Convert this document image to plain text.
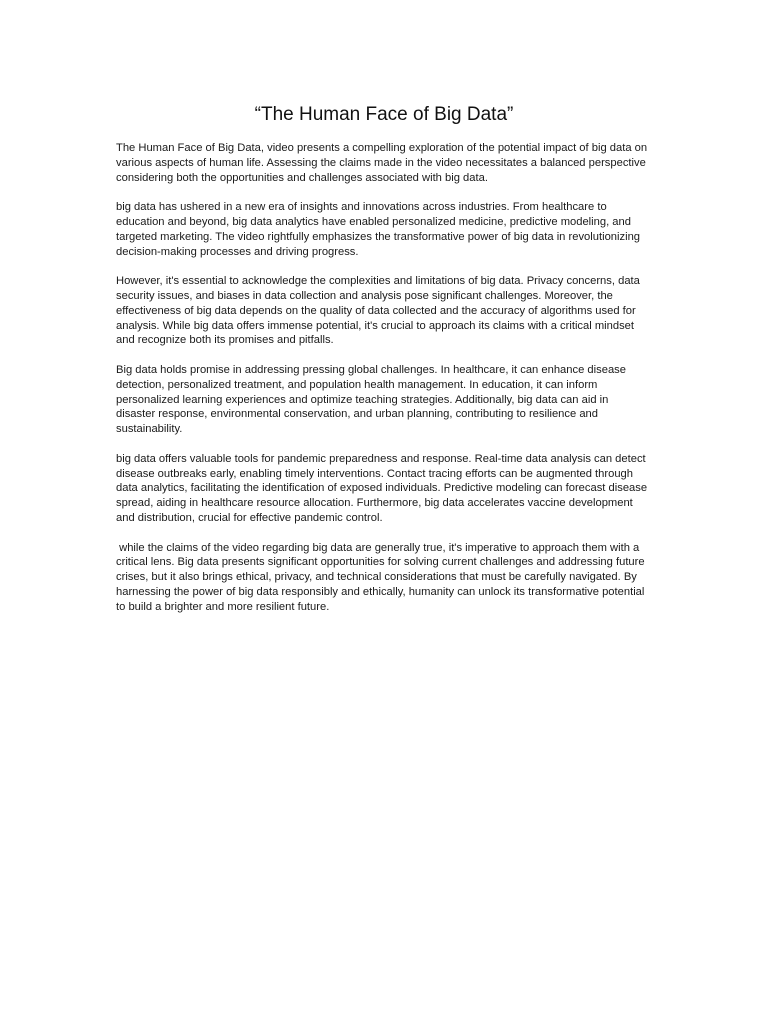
“The Human Face of Big Data”

The Human Face of Big Data, video presents a compelling exploration of the potential impact of big data on various aspects of human life. Assessing the claims made in the video necessitates a balanced perspective considering both the opportunities and challenges associated with big data.

big data has ushered in a new era of insights and innovations across industries. From healthcare to education and beyond, big data analytics have enabled personalized medicine, predictive modeling, and targeted marketing. The video rightfully emphasizes the transformative power of big data in revolutionizing decision-making processes and driving progress.

However, it's essential to acknowledge the complexities and limitations of big data. Privacy concerns, data security issues, and biases in data collection and analysis pose significant challenges. Moreover, the effectiveness of big data depends on the quality of data collected and the accuracy of algorithms used for analysis. While big data offers immense potential, it's crucial to approach its claims with a critical mindset and recognize both its promises and pitfalls.

Big data holds promise in addressing pressing global challenges. In healthcare, it can enhance disease detection, personalized treatment, and population health management. In education, it can inform personalized learning experiences and optimize teaching strategies. Additionally, big data can aid in disaster response, environmental conservation, and urban planning, contributing to resilience and sustainability.

big data offers valuable tools for pandemic preparedness and response. Real-time data analysis can detect disease outbreaks early, enabling timely interventions. Contact tracing efforts can be augmented through data analytics, facilitating the identification of exposed individuals. Predictive modeling can forecast disease spread, aiding in healthcare resource allocation. Furthermore, big data accelerates vaccine development and distribution, crucial for effective pandemic control.

while the claims of the video regarding big data are generally true, it's imperative to approach them with a critical lens. Big data presents significant opportunities for solving current challenges and addressing future crises, but it also brings ethical, privacy, and technical considerations that must be carefully navigated. By harnessing the power of big data responsibly and ethically, humanity can unlock its transformative potential to build a brighter and more resilient future.
